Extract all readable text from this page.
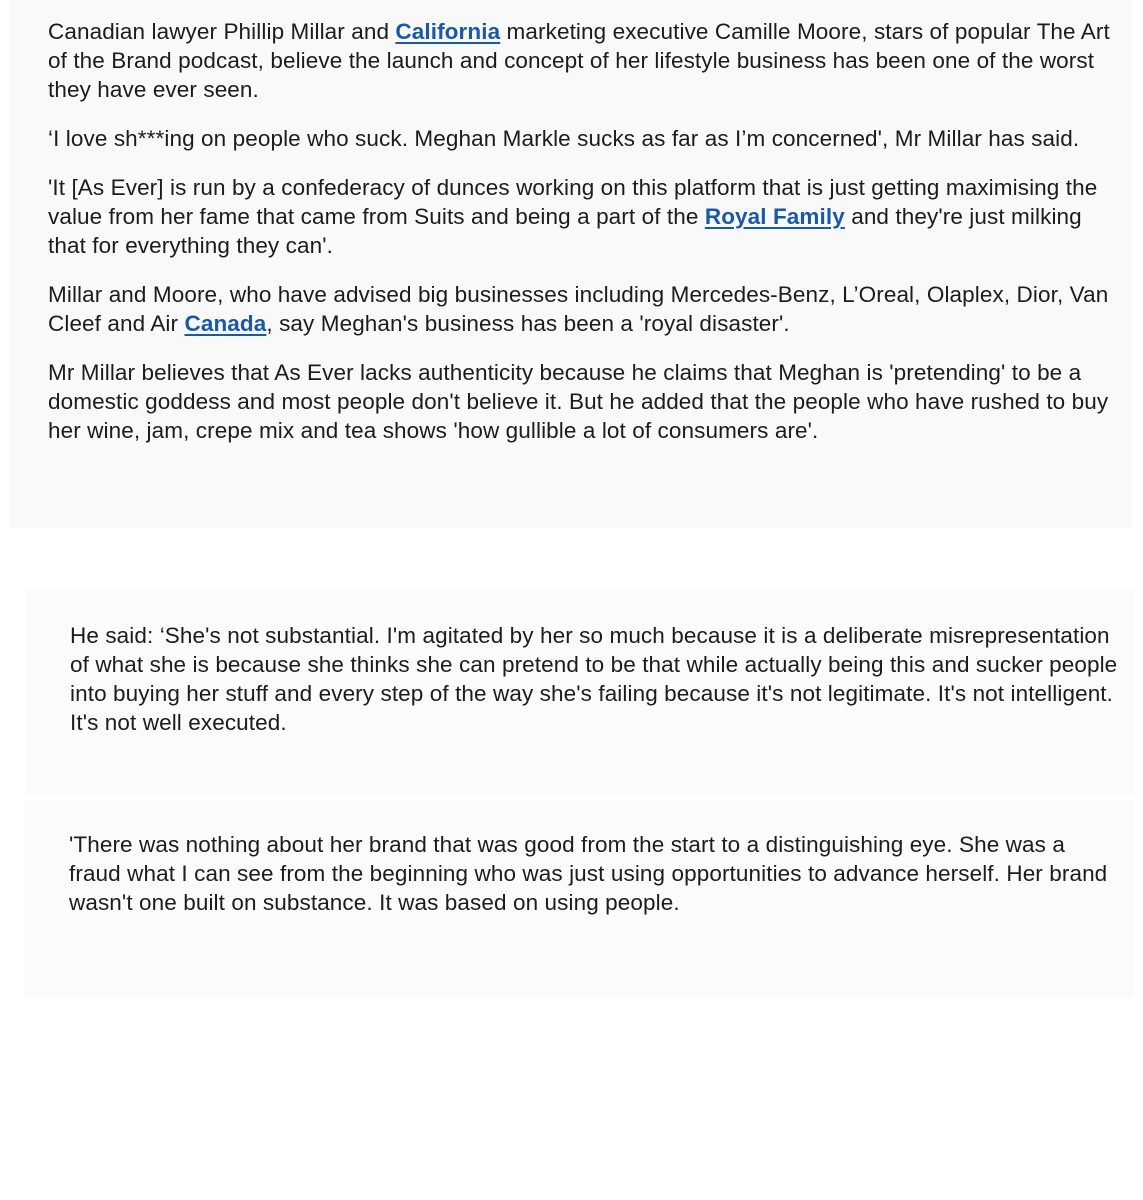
Canadian lawyer Phillip Millar and California marketing executive Camille Moore, stars of popular The Art of the Brand podcast, believe the launch and concept of her lifestyle business has been one of the worst they have ever seen.

‘I love sh***ing on people who suck. Meghan Markle sucks as far as I’m concerned', Mr Millar has said.

'It [As Ever] is run by a confederacy of dunces working on this platform that is just getting maximising the value from her fame that came from Suits and being a part of the Royal Family and they're just milking that for everything they can'.

Millar and Moore, who have advised big businesses including Mercedes-Benz, L’Oreal, Olaplex, Dior, Van Cleef and Air Canada, say Meghan's business has been a 'royal disaster'.

Mr Millar believes that As Ever lacks authenticity because he claims that Meghan is 'pretending' to be a domestic goddess and most people don't believe it. But he added that the people who have rushed to buy her wine, jam, crepe mix and tea shows 'how gullible a lot of consumers are'.

He said: ‘She's not substantial. I'm agitated by her so much because it is a deliberate misrepresentation of what she is because she thinks she can pretend to be that while actually being this and sucker people into buying her stuff and every step of the way she's failing because it's not legitimate. It's not intelligent. It's not well executed.

'There was nothing about her brand that was good from the start to a distinguishing eye. She was a fraud what I can see from the beginning who was just using opportunities to advance herself. Her brand wasn't one built on substance. It was based on using people.
